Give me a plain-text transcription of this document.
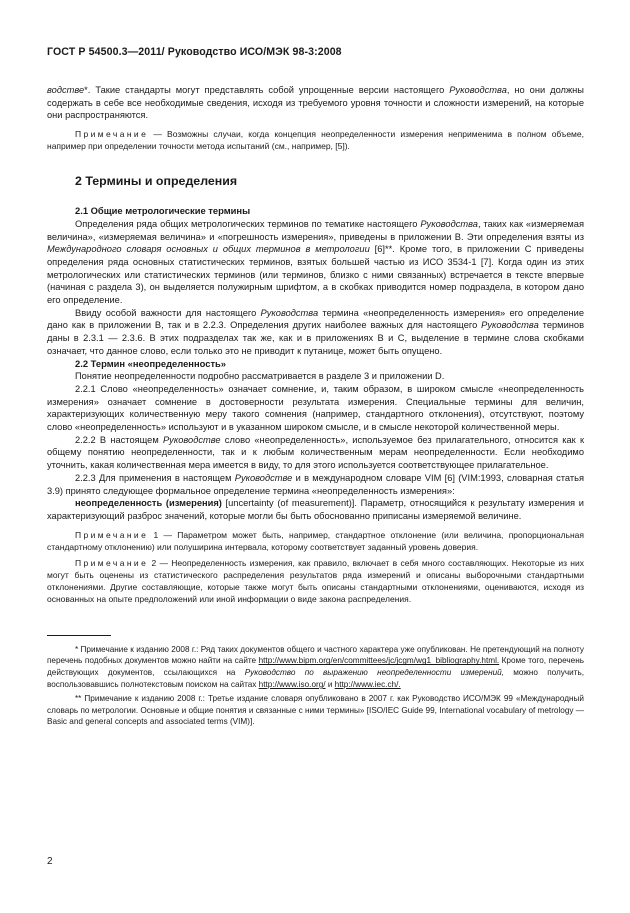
ГОСТ Р 54500.3—2011/ Руководство ИСО/МЭК 98-3:2008

водстве*. Такие стандарты могут представлять собой упрощенные версии настоящего Руководства, но они должны содержать в себе все необходимые сведения, исходя из требуемого уровня точности и сложности измерений, на которые они распространяются.

Примечание — Возможны случаи, когда концепция неопределенности измерения неприменима в полном объеме, например при определении точности метода испытаний (см., например, [5]).

2 Термины и определения
2.1 Общие метрологические термины

Определения ряда общих метрологических терминов по тематике настоящего Руководства, таких как «измеряемая величина», «измеряемая величина» и «погрешность измерения», приведены в приложении В. Эти определения взяты из Международного словаря основных и общих терминов в метрологии [6]**. Кроме того, в приложении С приведены определения ряда основных статистических терминов, взятых большей частью из ИСО 3534-1 [7]. Когда один из этих метрологических или статистических терминов (или терминов, близко с ними связанных) встречается в тексте впервые (начиная с раздела 3), он выделяется полужирным шрифтом, а в скобках приводится номер подраздела, в котором дано его определение.

Ввиду особой важности для настоящего Руководства термина «неопределенность измерения» его определение дано как в приложении В, так и в 2.2.3. Определения других наиболее важных для настоящего Руководства терминов даны в 2.3.1 — 2.3.6. В этих подразделах так же, как и в приложениях В и С, выделение в термине слова скобками означает, что данное слово, если только это не приводит к путанице, может быть опущено.

2.2 Термин «неопределенность»

Понятие неопределенности подробно рассматривается в разделе 3 и приложении D.

2.2.1 Слово «неопределенность» означает сомнение, и, таким образом, в широком смысле «неопределенность измерения» означает сомнение в достоверности результата измерения. Специальные термины для величин, характеризующих количественную меру такого сомнения (например, стандартного отклонения), отсутствуют, поэтому слово «неопределенность» используют и в указанном широком смысле, и в смысле некоторой количественной меры.

2.2.2 В настоящем Руководстве слово «неопределенность», используемое без прилагательного, относится как к общему понятию неопределенности, так и к любым количественным мерам неопределенности. Если необходимо уточнить, какая количественная мера имеется в виду, то для этого используется соответствующее прилагательное.

2.2.3 Для применения в настоящем Руководстве и в международном словаре VIM [6] (VIM:1993, словарная статья 3.9) принято следующее формальное определение термина «неопределенность измерения»:

неопределенность (измерения) [uncertainty (of measurement)]. Параметр, относящийся к результату измерения и характеризующий разброс значений, которые могли бы быть обоснованно приписаны измеряемой величине.

Примечание 1 — Параметром может быть, например, стандартное отклонение (или величина, пропорциональная стандартному отклонению) или полуширина интервала, которому соответствует заданный уровень доверия.

Примечание 2 — Неопределенность измерения, как правило, включает в себя много составляющих. Некоторые из них могут быть оценены из статистического распределения результатов ряда измерений и описаны выборочными стандартными отклонениями. Другие составляющие, которые также могут быть описаны стандартными отклонениями, оцениваются, исходя из основанных на опыте предположений или иной информации о виде закона распределения.

* Примечание к изданию 2008 г.: Ряд таких документов общего и частного характера уже опубликован. Не претендующий на полноту перечень подобных документов можно найти на сайте http://www.bipm.org/en/committees/jc/jcgm/wg1_bibliography.html. Кроме того, перечень действующих документов, ссылающихся на Руководство по выражению неопределенности измерений, можно получить, воспользовавшись полнотекстовым поиском на сайтах http://www.iso.org/ и http://www.iec.ch/.

** Примечание к изданию 2008 г.: Третье издание словаря опубликовано в 2007 г. как Руководство ИСО/МЭК 99 «Международный словарь по метрологии. Основные и общие понятия и связанные с ними термины» [ISO/IEC Guide 99, International vocabulary of metrology — Basic and general concepts and associated terms (VIM)].

2
